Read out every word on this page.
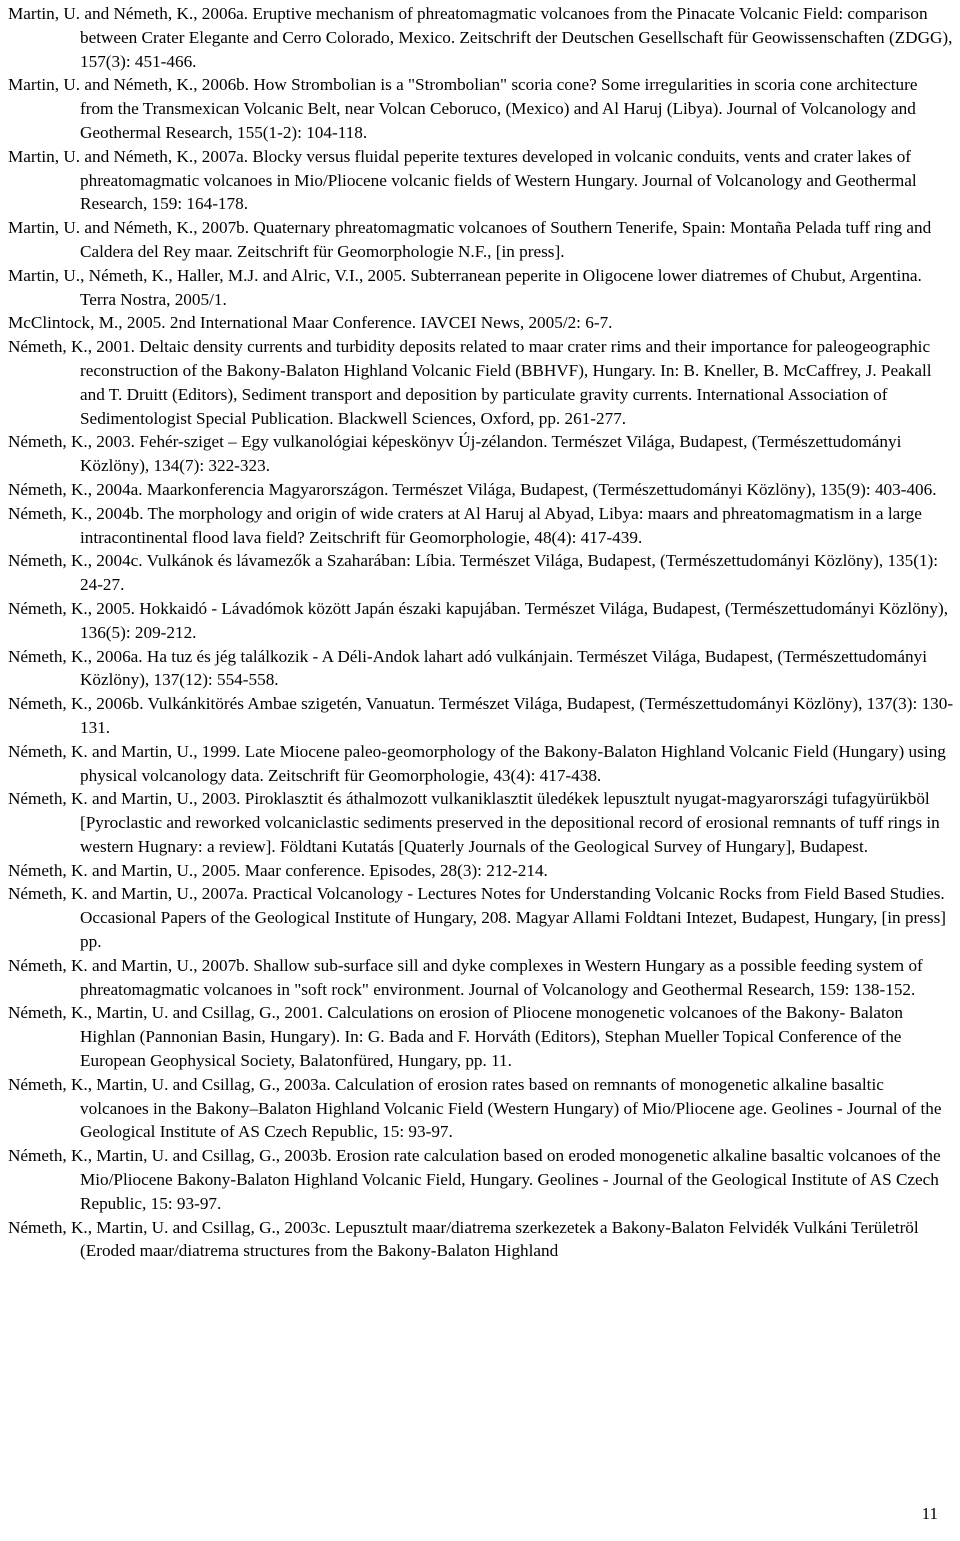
Martin, U. and Németh, K., 2006a. Eruptive mechanism of phreatomagmatic volcanoes from the Pinacate Volcanic Field: comparison between Crater Elegante and Cerro Colorado, Mexico. Zeitschrift der Deutschen Gesellschaft für Geowissenschaften (ZDGG), 157(3): 451-466.

Martin, U. and Németh, K., 2006b. How Strombolian is a "Strombolian" scoria cone? Some irregularities in scoria cone architecture from the Transmexican Volcanic Belt, near Volcan Ceboruco, (Mexico) and Al Haruj (Libya). Journal of Volcanology and Geothermal Research, 155(1-2): 104-118.

Martin, U. and Németh, K., 2007a. Blocky versus fluidal peperite textures developed in volcanic conduits, vents and crater lakes of phreatomagmatic volcanoes in Mio/Pliocene volcanic fields of Western Hungary. Journal of Volcanology and Geothermal Research, 159: 164-178.

Martin, U. and Németh, K., 2007b. Quaternary phreatomagmatic volcanoes of Southern Tenerife, Spain: Montaña Pelada tuff ring and Caldera del Rey maar. Zeitschrift für Geomorphologie N.F., [in press].

Martin, U., Németh, K., Haller, M.J. and Alric, V.I., 2005. Subterranean peperite in Oligocene lower diatremes of Chubut, Argentina. Terra Nostra, 2005/1.

McClintock, M., 2005. 2nd International Maar Conference. IAVCEI News, 2005/2: 6-7.

Németh, K., 2001. Deltaic density currents and turbidity deposits related to maar crater rims and their importance for paleogeographic reconstruction of the Bakony-Balaton Highland Volcanic Field (BBHVF), Hungary. In: B. Kneller, B. McCaffrey, J. Peakall and T. Druitt (Editors), Sediment transport and deposition by particulate gravity currents. International Association of Sedimentologist Special Publication. Blackwell Sciences, Oxford, pp. 261-277.

Németh, K., 2003. Fehér-sziget – Egy vulkanológiai képeskönyv Új-zélandon. Természet Világa, Budapest, (Természettudományi Közlöny), 134(7): 322-323.

Németh, K., 2004a. Maarkonferencia Magyarországon. Természet Világa, Budapest, (Természettudományi Közlöny), 135(9): 403-406.

Németh, K., 2004b. The morphology and origin of wide craters at Al Haruj al Abyad, Libya: maars and phreatomagmatism in a large intracontinental flood lava field? Zeitschrift für Geomorphologie, 48(4): 417-439.

Németh, K., 2004c. Vulkánok és lávamezők a Szaharában: Líbia. Természet Világa, Budapest, (Természettudományi Közlöny), 135(1): 24-27.

Németh, K., 2005. Hokkaidó - Lávadómok között Japán északi kapujában. Természet Világa, Budapest, (Természettudományi Közlöny), 136(5): 209-212.

Németh, K., 2006a. Ha tuz és jég találkozik - A Déli-Andok lahart adó vulkánjain. Természet Világa, Budapest, (Természettudományi Közlöny), 137(12): 554-558.

Németh, K., 2006b. Vulkánkitörés Ambae szigetén, Vanuatun. Természet Világa, Budapest, (Természettudományi Közlöny), 137(3): 130-131.

Németh, K. and Martin, U., 1999. Late Miocene paleo-geomorphology of the Bakony-Balaton Highland Volcanic Field (Hungary) using physical volcanology data. Zeitschrift für Geomorphologie, 43(4): 417-438.

Németh, K. and Martin, U., 2003. Piroklasztit és áthalmozott vulkaniklasztit üledékek lepusztult nyugat-magyarországi tufagyürükböl [Pyroclastic and reworked volcaniclastic sediments preserved in the depositional record of erosional remnants of tuff rings in western Hugnary: a review]. Földtani Kutatás [Quaterly Journals of the Geological Survey of Hungary], Budapest.

Németh, K. and Martin, U., 2005. Maar conference. Episodes, 28(3): 212-214.

Németh, K. and Martin, U., 2007a. Practical Volcanology - Lectures Notes for Understanding Volcanic Rocks from Field Based Studies. Occasional Papers of the Geological Institute of Hungary, 208. Magyar Allami Foldtani Intezet, Budapest, Hungary, [in press] pp.

Németh, K. and Martin, U., 2007b. Shallow sub-surface sill and dyke complexes in Western Hungary as a possible feeding system of phreatomagmatic volcanoes in "soft rock" environment. Journal of Volcanology and Geothermal Research, 159: 138-152.

Németh, K., Martin, U. and Csillag, G., 2001. Calculations on erosion of Pliocene monogenetic volcanoes of the Bakony- Balaton Highlan (Pannonian Basin, Hungary). In: G. Bada and F. Horváth (Editors), Stephan Mueller Topical Conference of the European Geophysical Society, Balatonfüred, Hungary, pp. 11.

Németh, K., Martin, U. and Csillag, G., 2003a. Calculation of erosion rates based on remnants of monogenetic alkaline basaltic volcanoes in the Bakony–Balaton Highland Volcanic Field (Western Hungary) of Mio/Pliocene age. Geolines - Journal of the Geological Institute of AS Czech Republic, 15: 93-97.

Németh, K., Martin, U. and Csillag, G., 2003b. Erosion rate calculation based on eroded monogenetic alkaline basaltic volcanoes of the Mio/Pliocene Bakony-Balaton Highland Volcanic Field, Hungary. Geolines - Journal of the Geological Institute of AS Czech Republic, 15: 93-97.

Németh, K., Martin, U. and Csillag, G., 2003c. Lepusztult maar/diatrema szerkezetek a Bakony-Balaton Felvidék Vulkáni Területröl (Eroded maar/diatrema structures from the Bakony-Balaton Highland

11
